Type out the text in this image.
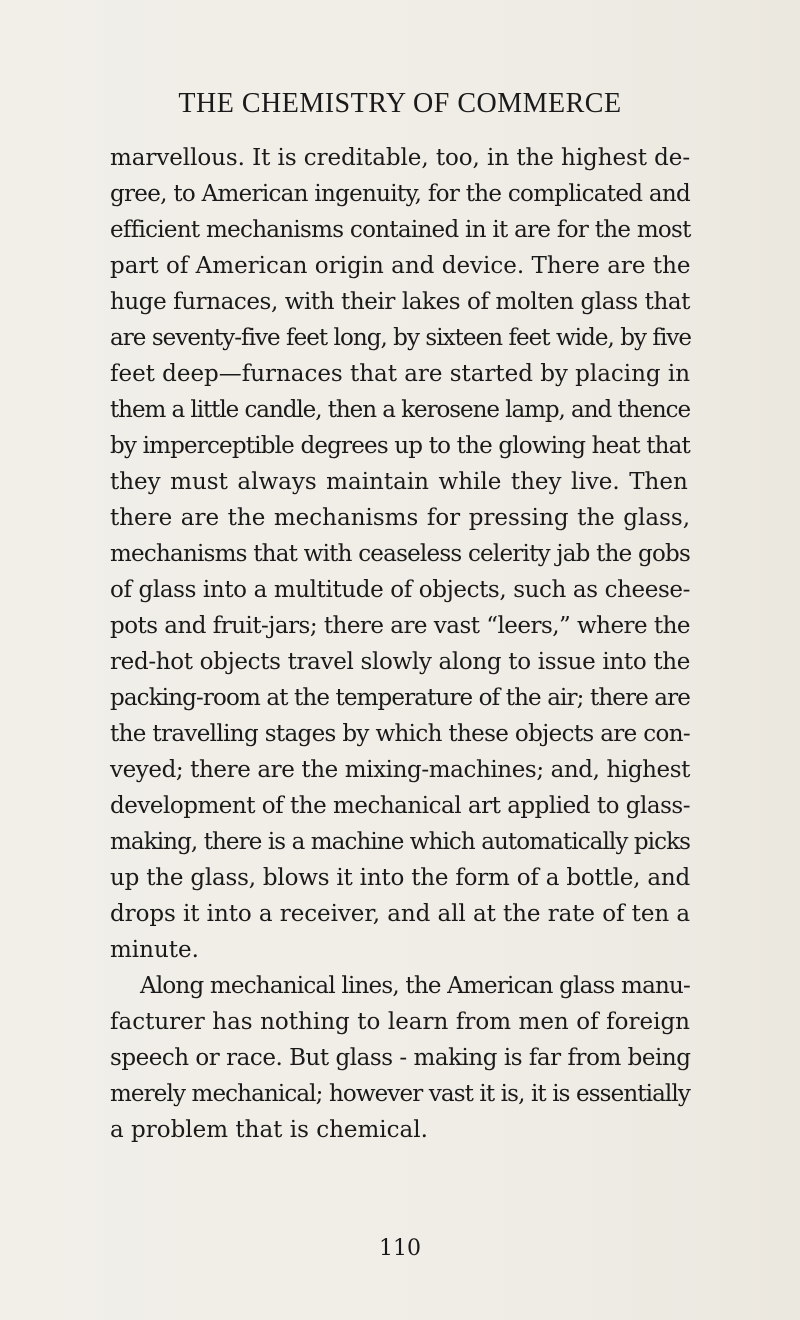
THE CHEMISTRY OF COMMERCE
marvellous. It is creditable, too, in the highest de-
gree, to American ingenuity, for the complicated and
efficient mechanisms contained in it are for the most
part of American origin and device. There are the
huge furnaces, with their lakes of molten glass that
are seventy-five feet long, by sixteen feet wide, by five
feet deep—furnaces that are started by placing in
them a little candle, then a kerosene lamp, and thence
by imperceptible degrees up to the glowing heat that
they must always maintain while they live. Then
there are the mechanisms for pressing the glass,
mechanisms that with ceaseless celerity jab the gobs
of glass into a multitude of objects, such as cheese-
pots and fruit-jars; there are vast “leers,” where the
red-hot objects travel slowly along to issue into the
packing-room at the temperature of the air; there are
the travelling stages by which these objects are con-
veyed; there are the mixing-machines; and, highest
development of the mechanical art applied to glass-
making, there is a machine which automatically picks
up the glass, blows it into the form of a bottle, and
drops it into a receiver, and all at the rate of ten a
minute.
Along mechanical lines, the American glass manu-
facturer has nothing to learn from men of foreign
speech or race. But glass - making is far from being
merely mechanical; however vast it is, it is essentially
a problem that is chemical.
110
